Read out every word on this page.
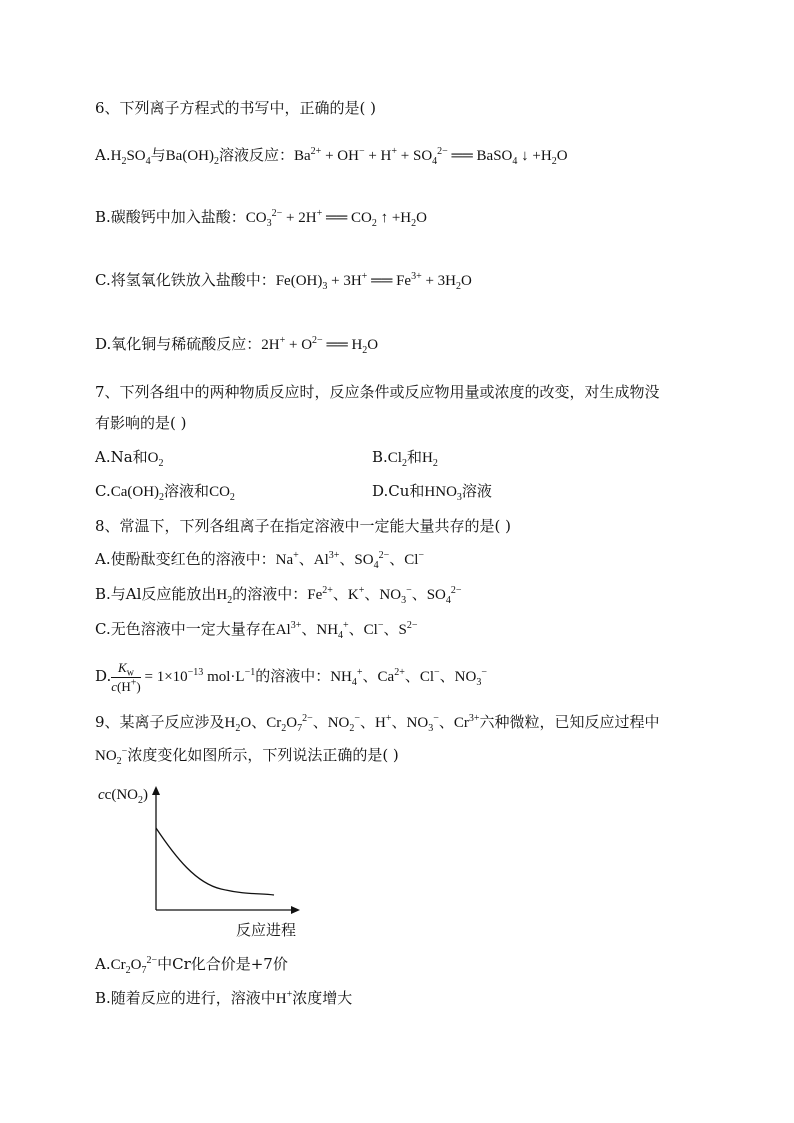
6、下列离子方程式的书写中，正确的是( )
$A.H_2SO_4$与$Ba(OH)_2$溶液反应：$Ba^{2+} + OH^- + H^+ + SO_4^{2-}$ ══ BaSO$_4$ ↓ $+H_2O$
B.碳酸钙中加入盐酸：$CO_3^{2-} + 2H^+$ ══ $CO_2$ ↑ $+H_2O$
C.将氢氧化铁放入盐酸中：$Fe(OH)_3 + 3H^+$ ══ $Fe^{3+} + 3H_2O$
D.氧化铜与稀硫酸反应：$2H^+ + O^{2-}$ ══ $H_2O$
7、下列各组中的两种物质反应时，反应条件或反应物用量或浓度的改变，对生成物没
有影响的是( )
A.Na和$O_2$	$B.Cl_2$和$H_2$
$C.Ca(OH)_2$溶液和$CO_2$	D.Cu和$HNO_3$溶液
8、常温下，下列各组离子在指定溶液中一定能大量共存的是( )
A.使酚酞变红色的溶液中：Na+、$Al^{3+}$、$SO_4^{2-}$、Cl−
B.与Al反应能放出$H_2$的溶液中：$Fe^{2+}$、K+、$NO_3^-$、$SO_4^{2-}$
C.无色溶液中一定大量存在$Al^{3+}$、$NH_4^+$、Cl−、$S^{2-}$
D. $\frac{K_w}{c(H^+)} = 1\times 10^{-13}$ $mol\cdot L^{-1}$的溶液中：$NH_4^+$、$Ca^{2+}$、Cl−、$NO_3^-$
9、某离子反应涉及$H_2O$、$Cr_2O_7^{2-}$、$NO_2^-$、H+、$NO_3^-$、$Cr^{3+}$六种微粒，已知反应过程中
$NO_2^-$浓度变化如图所示，下列说法正确的是( )
$cc(NO_2)$
反应进程
$A.Cr_2O_7^{2-}$中Cr化合价是+7价
B.随着反应的进行，溶液中H+浓度增大
